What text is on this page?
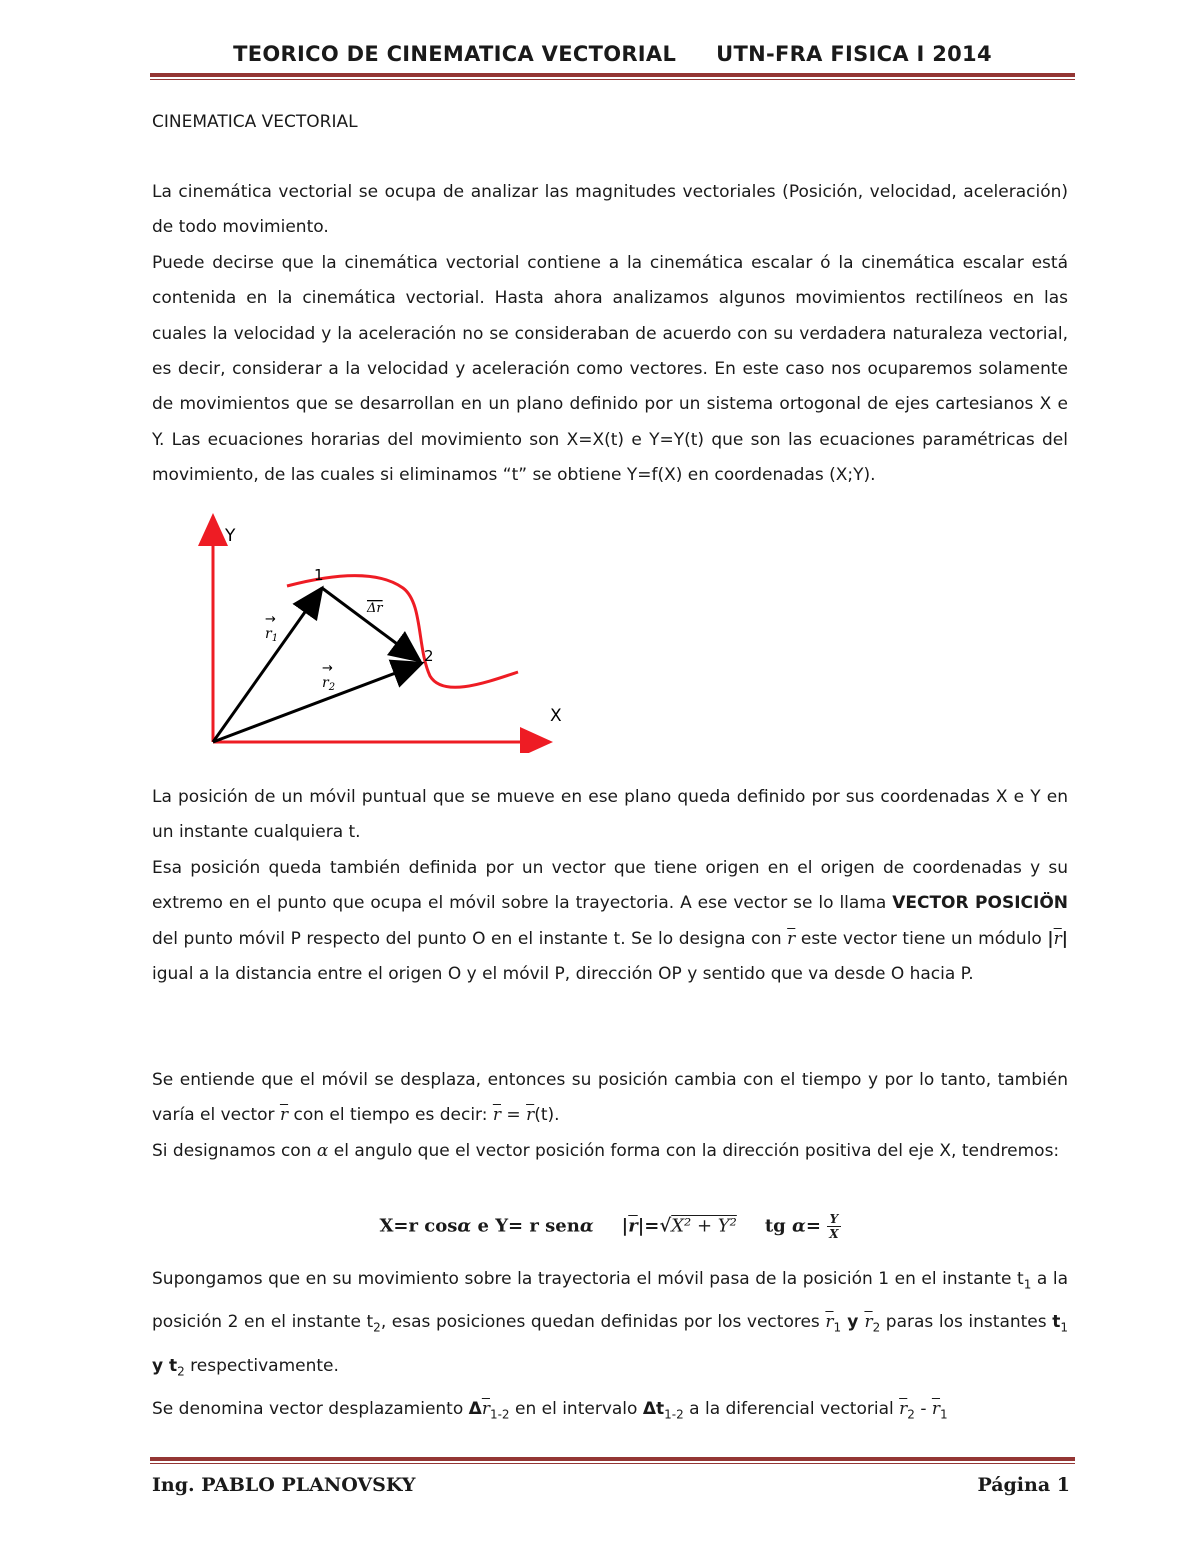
TEORICO DE CINEMATICA VECTORIAL UTN-FRA FISICA I 2014
CINEMATICA VECTORIAL

La cinemática vectorial se ocupa de analizar las magnitudes vectoriales (Posición, velocidad, aceleración) de todo movimiento.

Puede decirse que la cinemática vectorial contiene a la cinemática escalar ó la cinemática escalar está contenida en la cinemática vectorial. Hasta ahora analizamos algunos movimientos rectilíneos en las cuales la velocidad y la aceleración no se consideraban de acuerdo con su verdadera naturaleza vectorial, es decir, considerar a la velocidad y aceleración como vectores. En este caso nos ocuparemos solamente de movimientos que se desarrollan en un plano definido por un sistema ortogonal de ejes cartesianos X e Y. Las ecuaciones horarias del movimiento son X=X(t) e Y=Y(t) que son las ecuaciones paramétricas del movimiento, de las cuales si eliminamos “t” se obtiene Y=f(X) en coordenadas (X;Y).

Y
X
1
2
→
$r_1$
→
$r_2$
Δr

La posición de un móvil puntual que se mueve en ese plano queda definido por sus coordenadas X e Y en un instante cualquiera t.

Esa posición queda también definida por un vector que tiene origen en el origen de coordenadas y su extremo en el punto que ocupa el móvil sobre la trayectoria. A ese vector se lo llama VECTOR POSICIÖN del punto móvil P respecto del punto O en el instante t. Se lo designa con $\overline{r}$ este vector tiene un módulo $|\overline{r}|$ igual a la distancia entre el origen O y el móvil P, dirección OP y sentido que va desde O hacia P.

Se entiende que el móvil se desplaza, entonces su posición cambia con el tiempo y por lo tanto, también varía el vector $\overline{r}$ con el tiempo es decir: $\overline{r} = \overline{r}(t)$.

Si designamos con α el angulo que el vector posición forma con la dirección positiva del eje X, tendremos:

X=r cosα e Y= r senα $|\overline{r}|=√X^2 + Y^2$ tg $\alpha= \frac{Y}{X}$

Supongamos que en su movimiento sobre la trayectoria el móvil pasa de la posición 1 en el instante $t_1$ a la posición 2 en el instante $t_2$, esas posiciones quedan definidas por los vectores $\overline{r}_1$ y $\overline{r}_2$ paras los instantes $t_1$ y $t_2$ respectivamente.

Se denomina vector desplazamiento $\Delta\overline{r}_{1-2}$ en el intervalo $\Delta t_{1-2}$ a la diferencial vectorial $\overline{r}_2 - \overline{r}_1$

Ing. PABLO PLANOVSKY	Página 1
